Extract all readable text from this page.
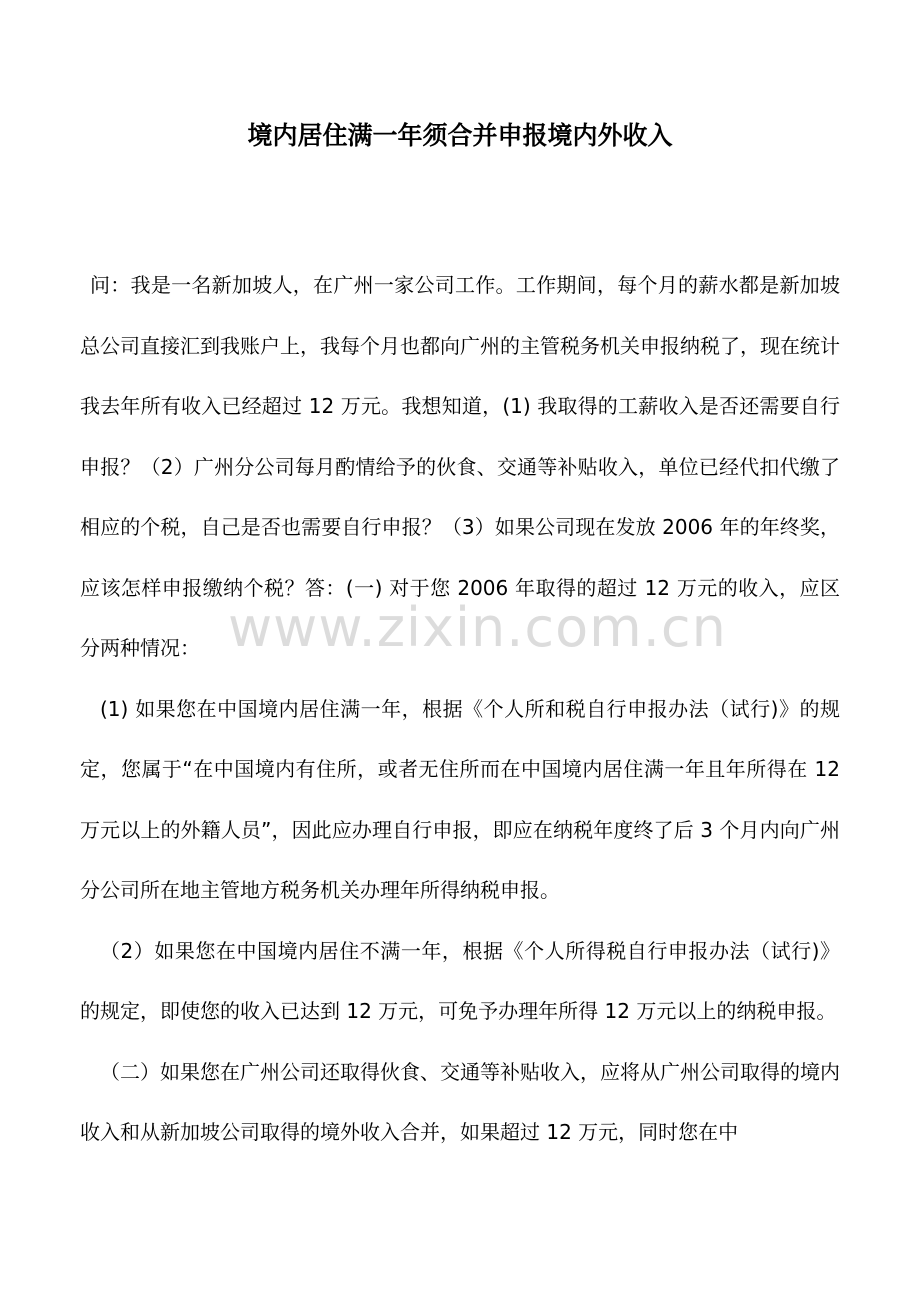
www.zixin.com.cn
境内居住满一年须合并申报境内外收入

问：我是一名新加坡人，在广州一家公司工作。工作期间，每个月的薪水都是新加坡总公司直接汇到我账户上，我每个月也都向广州的主管税务机关申报纳税了，现在统计我去年所有收入已经超过 12 万元。我想知道，(1) 我取得的工薪收入是否还需要自行申报？（2）广州分公司每月酌情给予的伙食、交通等补贴收入，单位已经代扣代缴了相应的个税，自己是否也需要自行申报？（3）如果公司现在发放 2006 年的年终奖，应该怎样申报缴纳个税？答：(一) 对于您 2006 年取得的超过 12 万元的收入，应区分两种情况：

(1) 如果您在中国境内居住满一年，根据《个人所和税自行申报办法（试行)》的规定，您属于“在中国境内有住所，或者无住所而在中国境内居住满一年且年所得在 12 万元以上的外籍人员”，因此应办理自行申报，即应在纳税年度终了后 3 个月内向广州分公司所在地主管地方税务机关办理年所得纳税申报。

（2）如果您在中国境内居住不满一年，根据《个人所得税自行申报办法（试行)》的规定，即使您的收入已达到 12 万元，可免予办理年所得 12 万元以上的纳税申报。

（二）如果您在广州公司还取得伙食、交通等补贴收入，应将从广州公司取得的境内收入和从新加坡公司取得的境外收入合并，如果超过 12 万元，同时您在中
